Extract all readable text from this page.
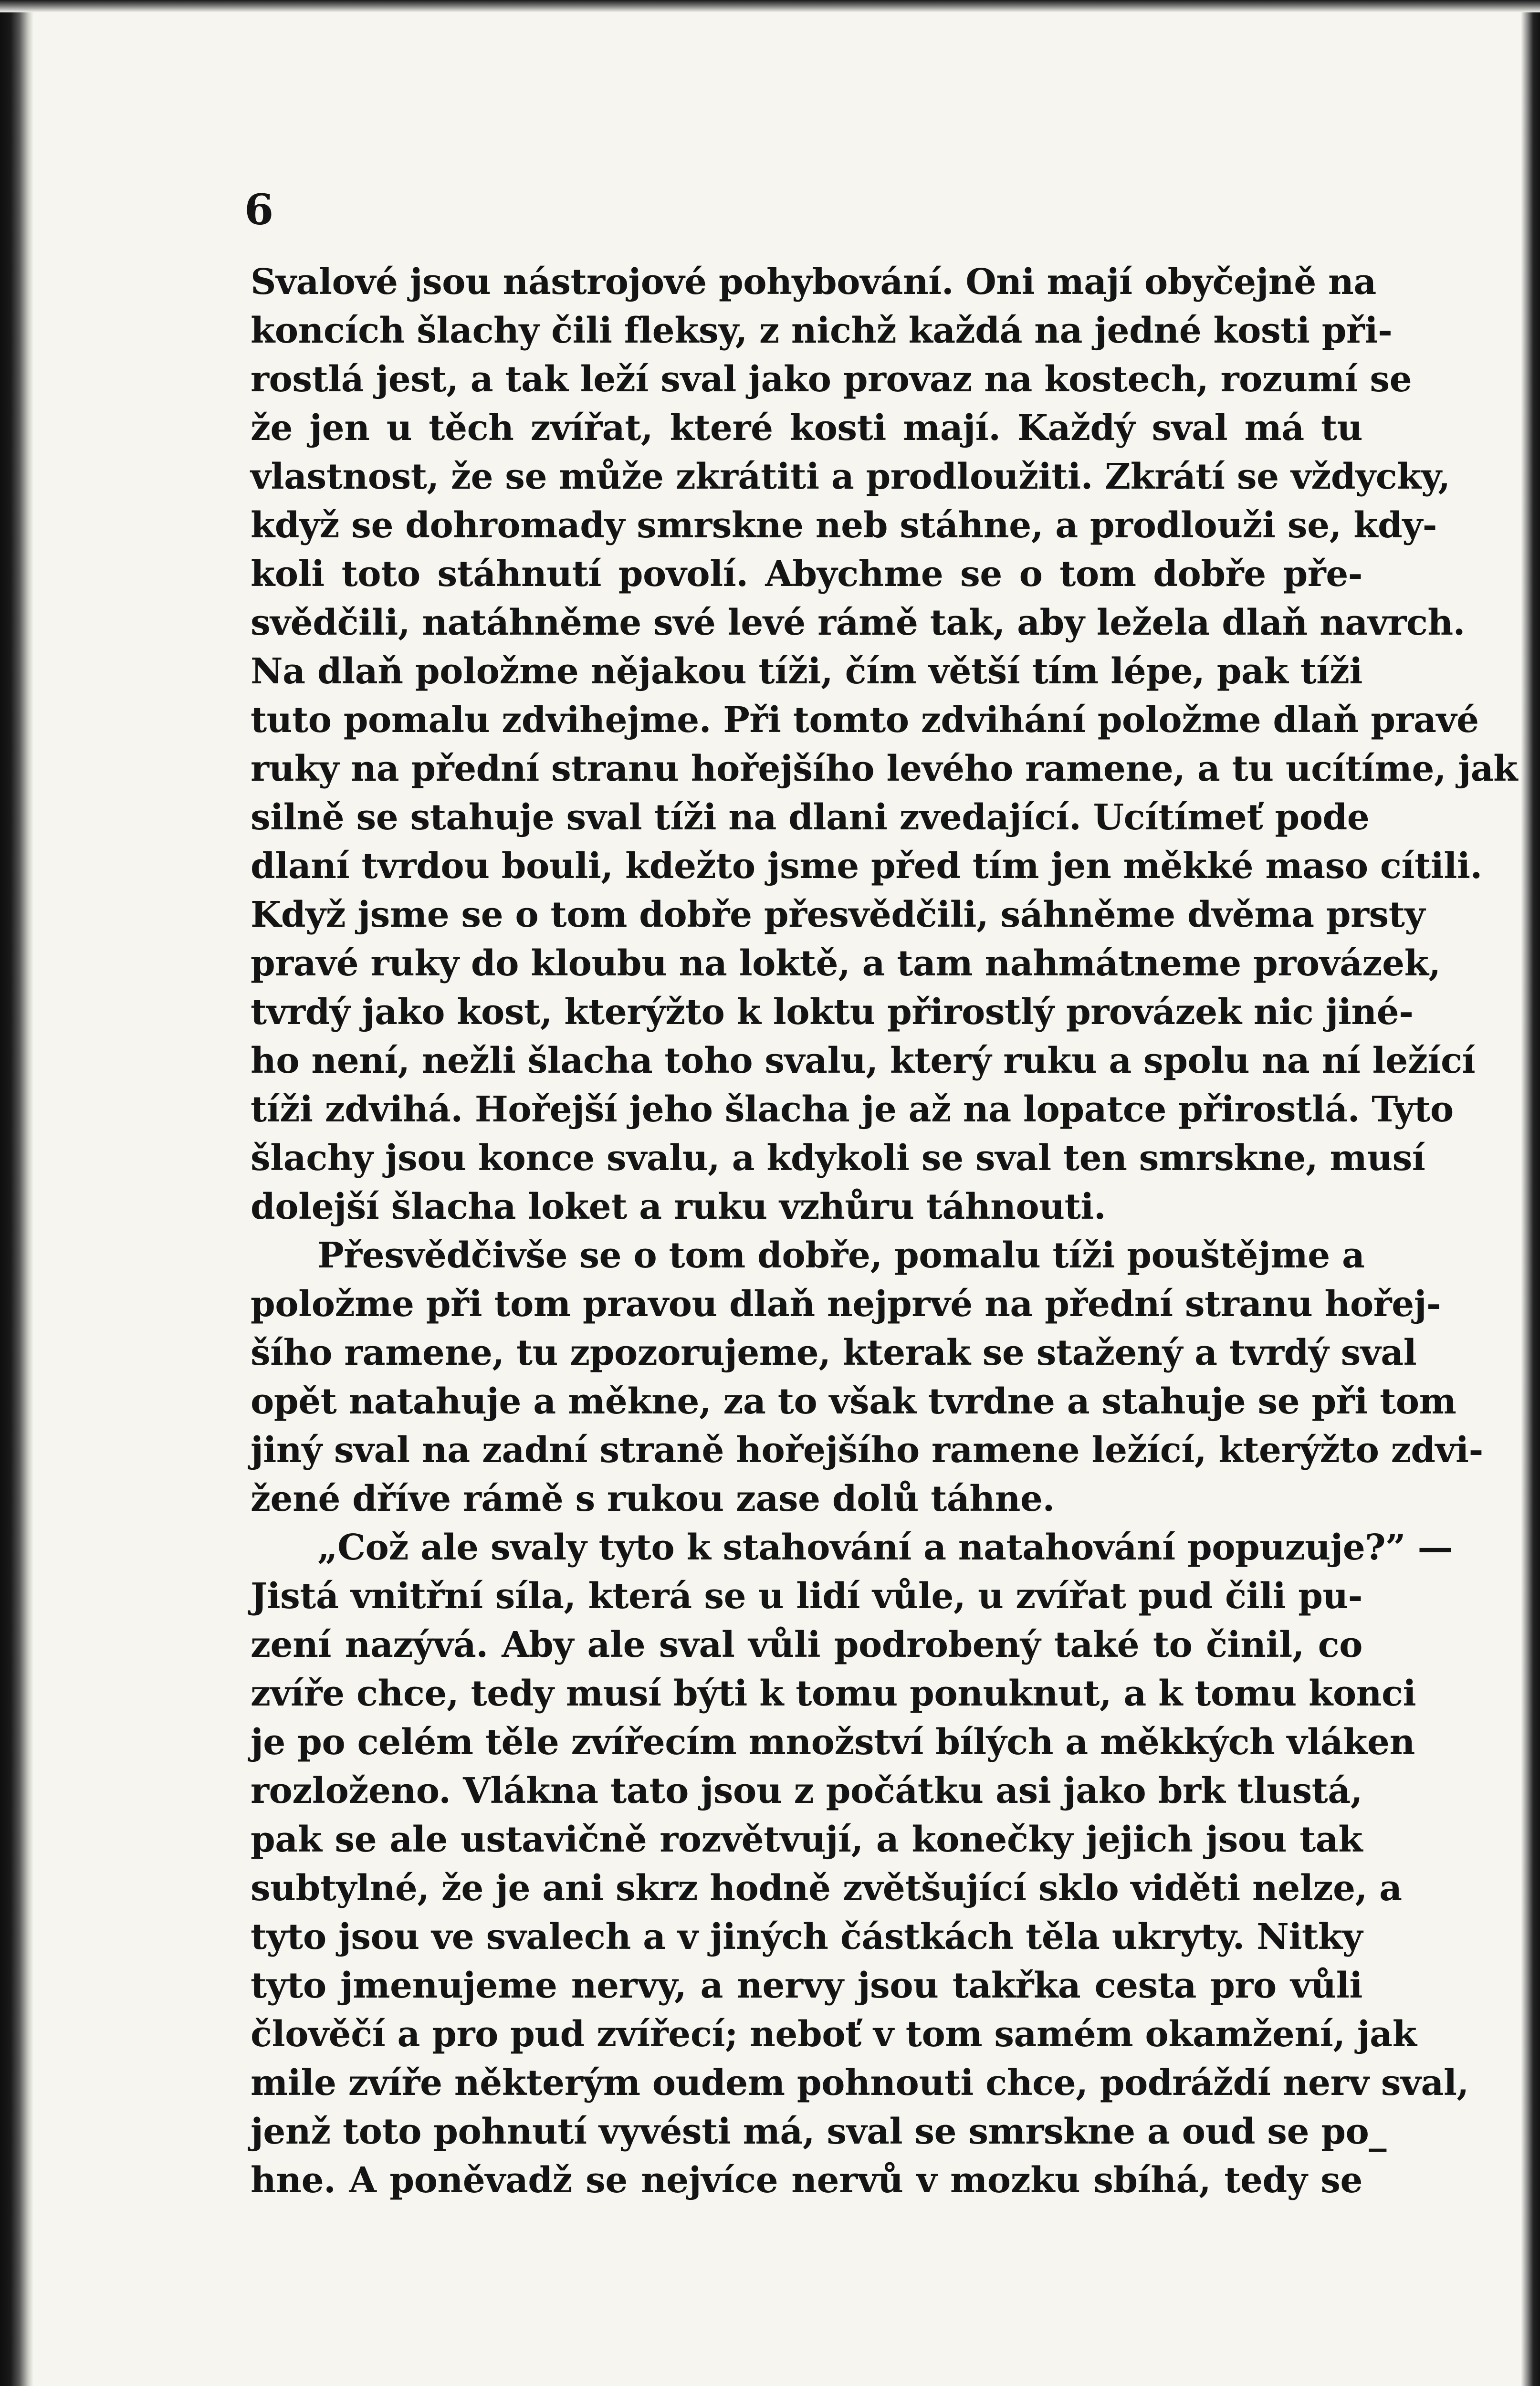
6
Svalové jsou nástrojové pohybování. Oni mají obyčejně na
koncích šlachy čili fleksy, z nichž každá na jedné kosti při-
rostlá jest, a tak leží sval jako provaz na kostech, rozumí se
že jen u těch zvířat, které kosti mají. Každý sval má tu
vlastnost, že se může zkrátiti a prodloužiti. Zkrátí se vždycky,
když se dohromady smrskne neb stáhne, a prodlouži se, kdy-
koli toto stáhnutí povolí. Abychme se o tom dobře pře-
svědčili, natáhněme své levé rámě tak, aby ležela dlaň navrch.
Na dlaň položme nějakou tíži, čím větší tím lépe, pak tíži
tuto pomalu zdvihejme. Při tomto zdvihání položme dlaň pravé
ruky na přední stranu hořejšího levého ramene, a tu ucítíme, jak
silně se stahuje sval tíži na dlani zvedající. Ucítímeť pode
dlaní tvrdou bouli, kdežto jsme před tím jen měkké maso cítili.
Když jsme se o tom dobře přesvědčili, sáhněme dvěma prsty
pravé ruky do kloubu na loktě, a tam nahmátneme provázek,
tvrdý jako kost, kterýžto k loktu přirostlý provázek nic jiné-
ho není, nežli šlacha toho svalu, který ruku a spolu na ní ležící
tíži zdvihá. Hořejší jeho šlacha je až na lopatce přirostlá. Tyto
šlachy jsou konce svalu, a kdykoli se sval ten smrskne, musí
dolejší šlacha loket a ruku vzhůru táhnouti.
Přesvědčivše se o tom dobře, pomalu tíži pouštějme a
položme při tom pravou dlaň nejprvé na přední stranu hořej-
šího ramene, tu zpozorujeme, kterak se stažený a tvrdý sval
opět natahuje a měkne, za to však tvrdne a stahuje se při tom
jiný sval na zadní straně hořejšího ramene ležící, kterýžto zdvi-
žené dříve rámě s rukou zase dolů táhne.
„Což ale svaly tyto k stahování a natahování popuzuje?” —
Jistá vnitřní síla, která se u lidí vůle, u zvířat pud čili pu-
zení nazývá. Aby ale sval vůli podrobený také to činil, co
zvíře chce, tedy musí býti k tomu ponuknut, a k tomu konci
je po celém těle zvířecím množství bílých a měkkých vláken
rozloženo. Vlákna tato jsou z počátku asi jako brk tlustá,
pak se ale ustavičně rozvětvují, a konečky jejich jsou tak
subtylné, že je ani skrz hodně zvětšující sklo viděti nelze, a
tyto jsou ve svalech a v jiných částkách těla ukryty. Nitky
tyto jmenujeme nervy, a nervy jsou takřka cesta pro vůli
člověčí a pro pud zvířecí; neboť v tom samém okamžení, jak
mile zvíře některým oudem pohnouti chce, podráždí nerv sval,
jenž toto pohnutí vyvésti má, sval se smrskne a oud se po_
hne. A poněvadž se nejvíce nervů v mozku sbíhá, tedy se
